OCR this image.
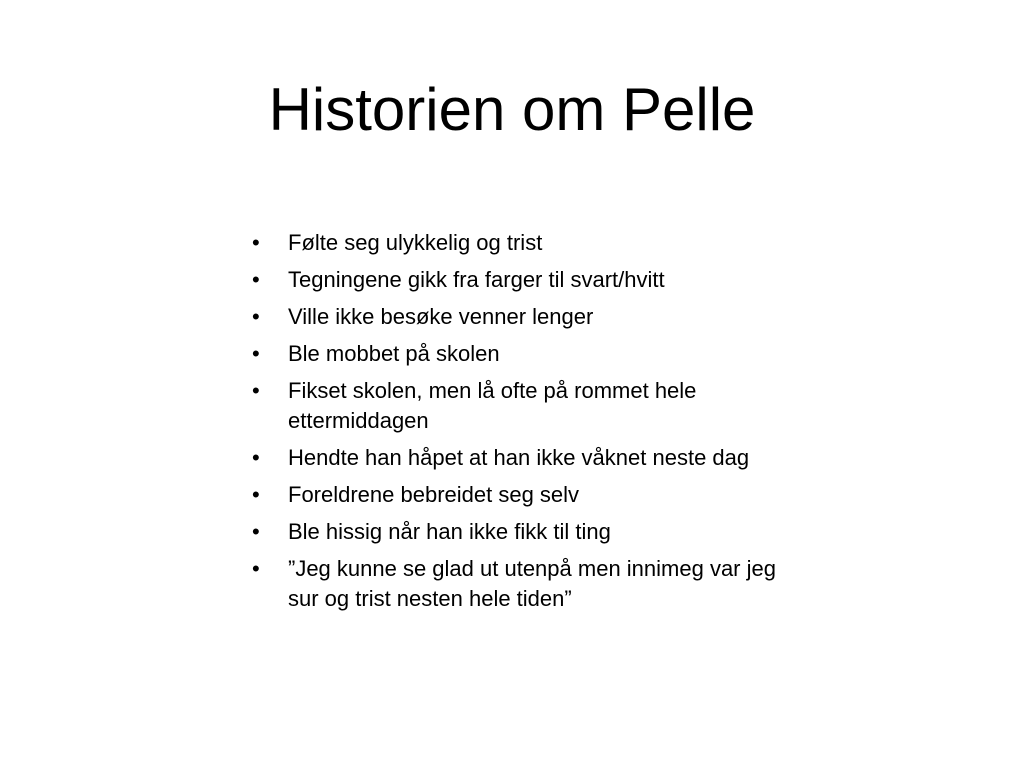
Historien om Pelle
•	Følte seg ulykkelig og trist
•	Tegningene gikk fra farger til svart/hvitt
•	Ville ikke besøke venner lenger
•	Ble mobbet på skolen
•	Fikset skolen, men lå ofte på rommet hele ettermiddagen
•	Hendte han håpet at han ikke våknet neste dag
•	Foreldrene bebreidet seg selv
•	Ble hissig når han ikke fikk til ting
•	”Jeg kunne se glad ut utenpå men innimeg var jeg sur og trist nesten hele tiden”
